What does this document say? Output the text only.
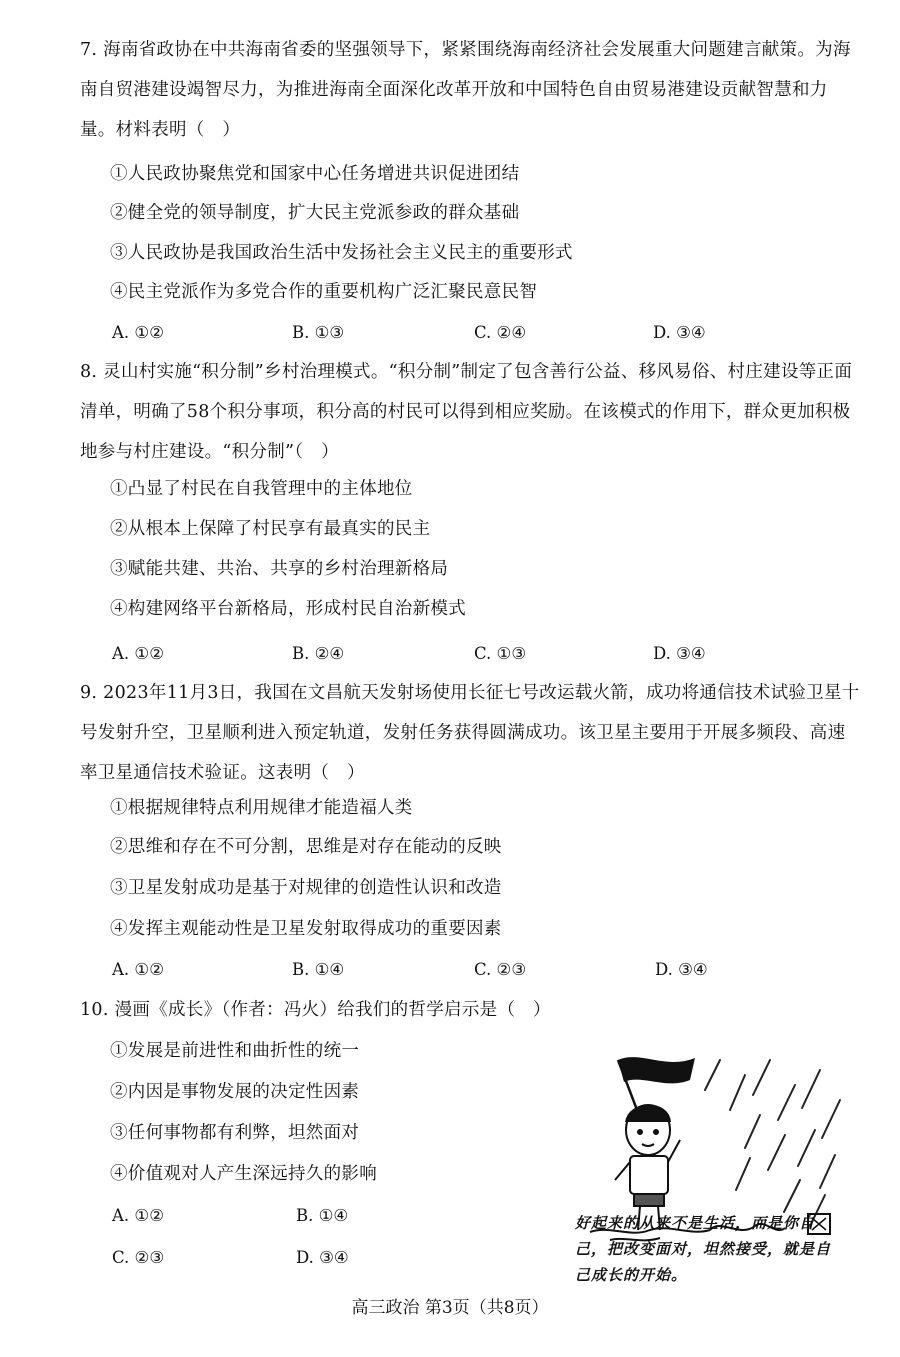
7. 海南省政协在中共海南省委的坚强领导下，紧紧围绕海南经济社会发展重大问题建言献策。为海南自贸港建设竭智尽力，为推进海南全面深化改革开放和中国特色自由贸易港建设贡献智慧和力量。材料表明（　）
①人民政协聚焦党和国家中心任务增进共识促进团结
②健全党的领导制度，扩大民主党派参政的群众基础
③人民政协是我国政治生活中发扬社会主义民主的重要形式
④民主党派作为多党合作的重要机构广泛汇聚民意民智
A. ①②	B. ①③	C. ②④	D. ③④
8. 灵山村实施“积分制”乡村治理模式。“积分制”制定了包含善行公益、移风易俗、村庄建设等正面清单，明确了58个积分事项，积分高的村民可以得到相应奖励。在该模式的作用下，群众更加积极地参与村庄建设。“积分制”（　）
①凸显了村民在自我管理中的主体地位
②从根本上保障了村民享有最真实的民主
③赋能共建、共治、共享的乡村治理新格局
④构建网络平台新格局，形成村民自治新模式
A. ①②	B. ②④	C. ①③	D. ③④
9. 2023年11月3日，我国在文昌航天发射场使用长征七号改运载火箭，成功将通信技术试验卫星十号发射升空，卫星顺利进入预定轨道，发射任务获得圆满成功。该卫星主要用于开展多频段、高速率卫星通信技术验证。这表明（　）
①根据规律特点利用规律才能造福人类
②思维和存在不可分割，思维是对存在能动的反映
③卫星发射成功是基于对规律的创造性认识和改造
④发挥主观能动性是卫星发射取得成功的重要因素
A. ①②	B. ①④	C. ②③	D. ③④
10. 漫画《成长》（作者：冯火）给我们的哲学启示是（　）
①发展是前进性和曲折性的统一
②内因是事物发展的决定性因素
③任何事物都有利弊，坦然面对
④价值观对人产生深远持久的影响
A. ①②	B. ①④
C. ②③	D. ③④
好起来的从来不是生活，而是你自己，把改变面对，坦然接受，就是自己成长的开始。
高三政治 第3页（共8页）
